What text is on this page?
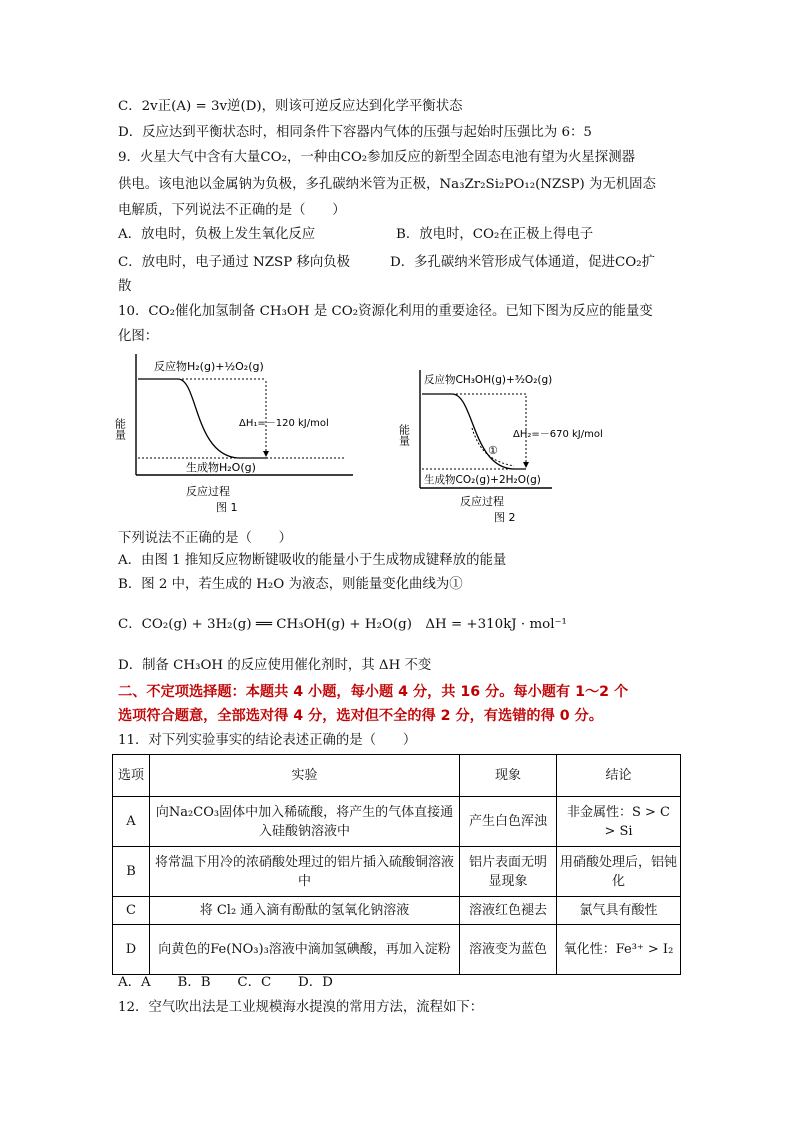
C．2v正(A) = 3v逆(D)，则该可逆反应达到化学平衡状态
D．反应达到平衡状态时，相同条件下容器内气体的压强与起始时压强比为 6：5
9．火星大气中含有大量CO₂，一种由CO₂参加反应的新型全固态电池有望为火星探测器
供电。该电池以金属钠为负极，多孔碳纳米管为正极，Na₃Zr₂Si₂PO₁₂(NZSP) 为无机固态
电解质，下列说法不正确的是（　　）
A．放电时，负极上发生氧化反应	B．放电时，CO₂在正极上得电子
C．放电时，电子通过 NZSP 移向负极	D．多孔碳纳米管形成气体通道，促进CO₂扩
散
10．CO₂催化加氢制备 CH₃OH 是 CO₂资源化利用的重要途径。已知下图为反应的能量变
化图：
能量
反应物H₂(g)+½O₂(g)
ΔH₁=－120 kJ/mol
生成物H₂O(g)
反应过程
图 1
能量
反应物CH₃OH(g)+³⁄₂O₂(g)
ΔH₂=－670 kJ/mol
①
生成物CO₂(g)+2H₂O(g)
反应过程
图 2
下列说法不正确的是（　　）
A．由图 1 推知反应物断键吸收的能量小于生成物成键释放的能量
B．图 2 中，若生成的 H₂O 为液态，则能量变化曲线为①
C．CO₂(g) + 3H₂(g) ══ CH₃OH(g) + H₂O(g)　ΔH = +310kJ · mol⁻¹
D．制备 CH₃OH 的反应使用催化剂时，其 ΔH 不变
二、不定项选择题：本题共 4 小题，每小题 4 分，共 16 分。每小题有 1～2 个
选项符合题意，全部选对得 4 分，选对但不全的得 2 分，有选错的得 0 分。
11．对下列实验事实的结论表述正确的是（　　）
选项	实验	现象	结论
A	向Na₂CO₃固体中加入稀硫酸，将产生的气体直接通入硅酸钠溶液中	产生白色浑浊	非金属性：S > C > Si
B	将常温下用冷的浓硝酸处理过的铝片插入硫酸铜溶液中	铝片表面无明显现象	用硝酸处理后，铝钝化
C	将 Cl₂ 通入滴有酚酞的氢氧化钠溶液	溶液红色褪去	氯气具有酸性
D	向黄色的Fe(NO₃)₃溶液中滴加氢碘酸，再加入淀粉	溶液变为蓝色	氧化性：Fe³⁺ > I₂
A．A　　B．B　　C．C　　D．D
12．空气吹出法是工业规模海水提溴的常用方法，流程如下：
